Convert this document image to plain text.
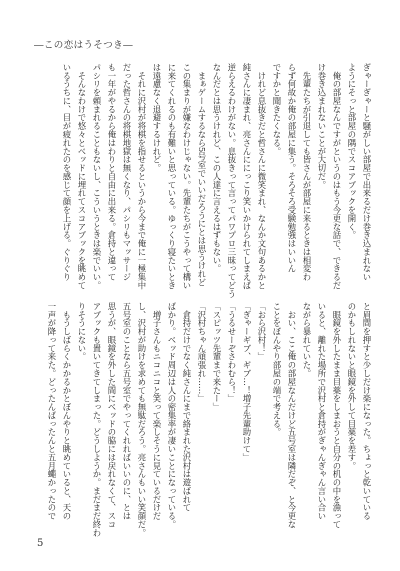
―この恋はうそつき―
ぎゃーぎゃーと騒がしい部屋で出来るだけ巻き込まれない
ようにそっと部屋の隅でスコアブックを開く。
　俺の部屋なんですがというのはもう今更な話で、できるだ
け巻き込まれないことが大切だ。
　先輩たちが引退しても皆さんが部屋に来るときは相変わ
らず何故か俺の部屋に集う。そろそろ受験勉強はいいん
ですかと聞きたくなる。
　けれど息抜きだと哲さんに微笑まれ、なんか文句あるかと
純さんに凄まれ、亮さんににっこり笑いかけられてしまえば
逆らえるわけがない。息抜きって言ってパワプロ三昧ってどう
なんだとは思うけれど、この人達に言えるはずもない。
　まぁゲームするなら5号室でいいだろうにとは思うけれど
この集まりが嫌なわけじゃない。先輩たちがこうやって構い
に来てくれるのも有難いと思っている。ゆっくり寝たいとき
は遠慮なく退避するけれど。
　それに沢村が将棋を指せるというから今まで俺に一極集中
だった哲さんの将棋地獄は無くなり、パシリもマッサージ
も一年がやるから俺はわりと自由に出来る。倉持と違って
パシリを頼まれることもないし、こういうときは楽でいい。
　そんなわけで悠々とベッドに埋れてスコアブックを眺めて
いるうちに、目が疲れたのを感じて顔を上げる。ぐりぐり
と眉間を押すと少しだけ楽になった。ちょっと乾いている
のかもしれないと眼鏡を外して目薬を差す。
　眼鏡を外したまま目薬をしまおうと自分の机の中を漁って
いると、離れた場所で沢村と倉持がぎゃんぎゃん言い合い
ながら暴れていた。
　おい、ここ俺の部屋なんだけど五号室は隣だぞ、と今更な
ことをぼんやり部屋の端で考える。
「おら沢村！」
「ぎゃーギブ、ギブ…！増子先輩助けて」
「うるせーぞさわむら！」
「スピッツ先輩まで来たー」
「沢村ちゃん頑張れ……」
　倉持だけでなく純さんにまで絡まれた沢村は遊ばれて
ばかり。ベッド周辺は人の密集率が凄いことになっている。
　増子さんもニコニコと笑って楽しそうに見ているだけだ
し、沢村が助けを求めても無駄だろう。亮さんもいい笑顔だ。
五号室のことなら五号室でやってくれればいいのに、とは
思うが、眼鏡を外した間にベッドの脇には戻れなくて、スコ
アブックも置いてきてしまった。どうしようか。まだまだ終わ
りそうにない。
　もうしばらくかかるかとぼんやりと眺めていると、天の
一声が降って来た。どったんばったんと五月蠅かったので
5
